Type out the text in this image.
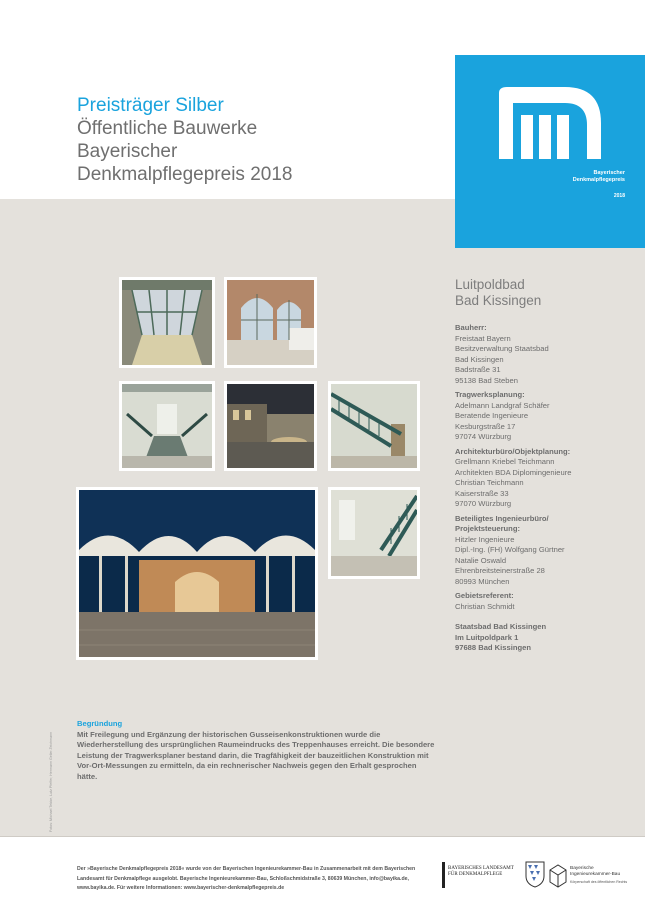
Preisträger Silber
Öffentliche Bauwerke
Bayerischer
Denkmalpflegepreis 2018	Bayerischer
Denkmalpflegepreis
2018
Luitpoldbad
Bad Kissingen
Bauherr:
Freistaat Bayern
Besitzverwaltung Staatsbad
Bad Kissingen
Badstraße 31
95138 Bad Steben
Tragwerksplanung:
Adelmann Landgraf Schäfer
Beratende Ingenieure
Kesburgstraße 17
97074 Würzburg
Architekturbüro/Objektplanung:
Grellmann Kriebel Teichmann
Architekten BDA Diplomingenieure
Christian Teichmann
Kaiserstraße 33
97070 Würzburg
Beteiligtes Ingenieurbüro/
Projektsteuerung:
Hitzler Ingenieure
Dipl.-Ing. (FH) Wolfgang Gürtner
Natalie Oswald
Ehrenbreitsteinerstraße 28
80993 München
Gebietsreferent:
Christian Schmidt
Staatsbad Bad Kissingen
Im Luitpoldpark 1
97688 Bad Kissingen
Begründung
Mit Freilegung und Ergänzung der historischen Gusseisenkonstruktionen wurde die Wiederherstellung des ursprünglichen Raumeindrucks des Treppenhauses erreicht. Die besondere Leistung der Tragwerksplaner bestand darin, die Tragfähigkeit der bauzeitlichen Konstruktion mit Vor-Ort-Messungen zu ermitteln, da ein rechnerischer Nachweis gegen den Erhalt gesprochen hätte.
Fotos: Michael Tebbe, Lutz Pfeffer, Hermann Geller-Teichmann
Der »Bayerische Denkmalpflegepreis 2018« wurde von der Bayerischen Ingenieurekammer-Bau in Zusammenarbeit mit dem Bayerischen Landesamt für Denkmalpflege ausgelobt. Bayerische Ingenieurekammer-Bau, Schloßschmidstraße 3, 80639 München, info@bayika.de, www.bayika.de. Für weitere Informationen: www.bayerischer-denkmalpflegepreis.de
BAYERISCHES LANDESAMT
FÜR DENKMALPFLEGE
Bayerische
Ingenieurekammer-Bau
Körperschaft des öffentlichen Rechts
